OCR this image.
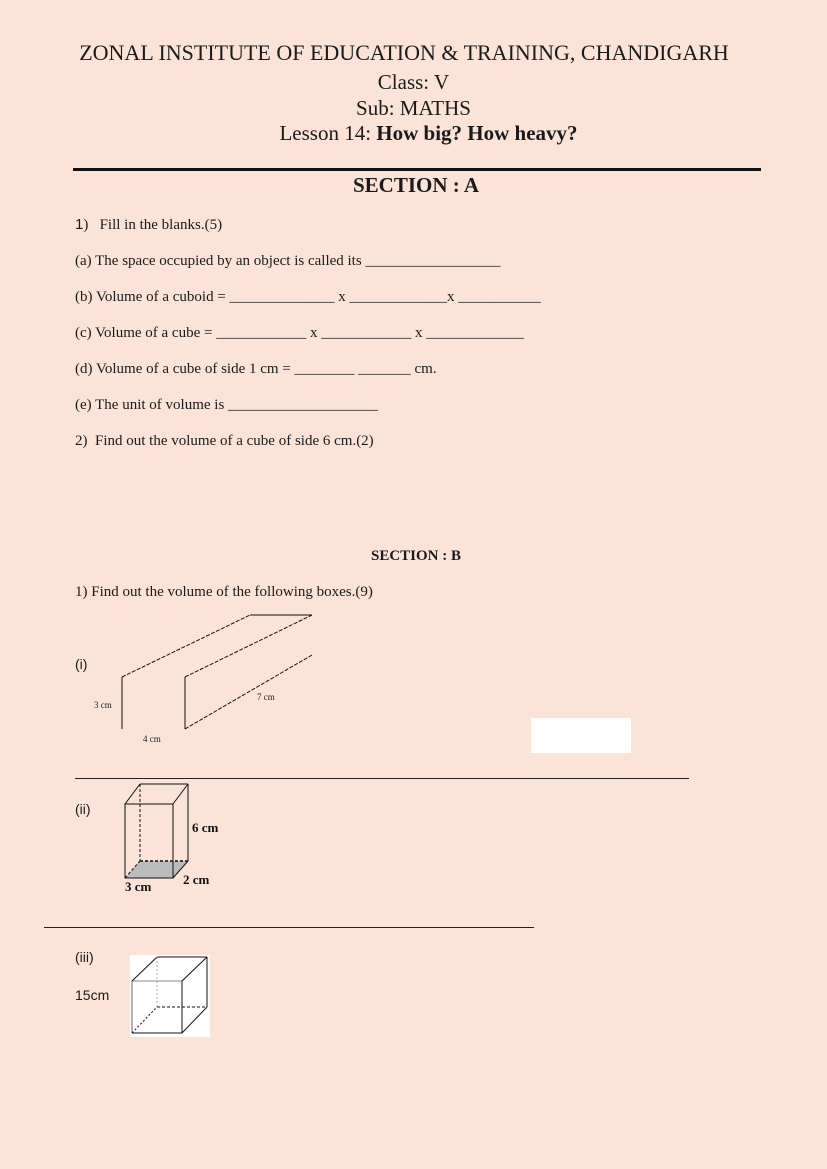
ZONAL INSTITUTE OF EDUCATION & TRAINING, CHANDIGARH
Class: V
Sub: MATHS
Lesson 14: How big? How heavy?
SECTION : A
1)   Fill in the blanks.(5)
(a) The space occupied by an object is called its __________________
(b) Volume of a cuboid = ______________ x _____________x ___________
(c) Volume of a cube = ____________ x ____________ x _____________
(d) Volume of a cube of side 1 cm = ________ _______ cm.
(e) The unit of volume is ____________________
2)  Find out the volume of a cube of side 6 cm.(2)
SECTION : B
1) Find out the volume of the following boxes.(9)
(i)
3 cm
4 cm
7 cm
(ii)
6 cm
3 cm 2 cm
(iii)
15cm
